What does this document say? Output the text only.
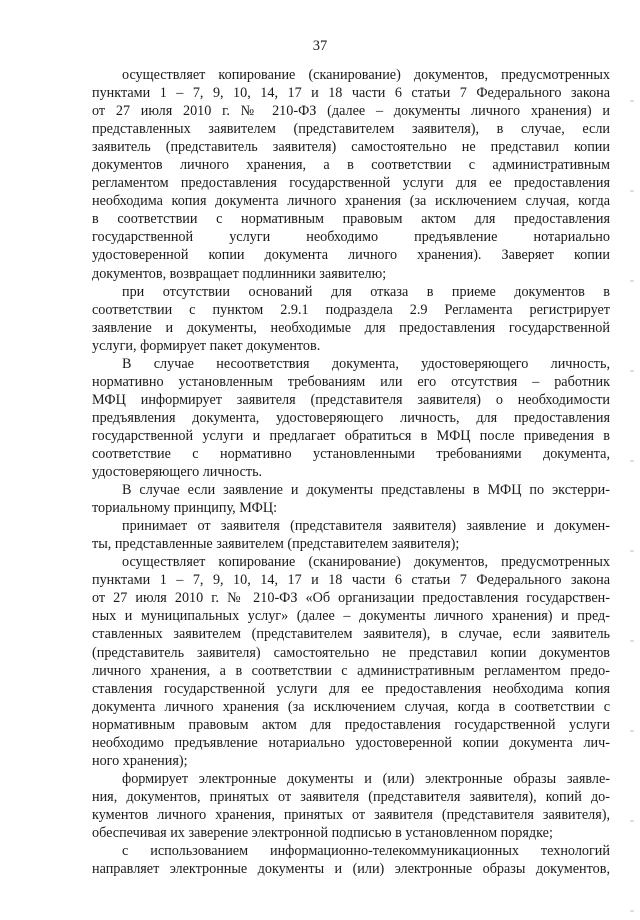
37
осуществляет копирование (сканирование) документов, предусмотренных
пунктами 1 – 7, 9, 10, 14, 17 и 18 части 6 статьи 7 Федерального закона
от 27 июля 2010 г. № 210-ФЗ (далее – документы личного хранения) и
представленных заявителем (представителем заявителя), в случае, если
заявитель (представитель заявителя) самостоятельно не представил копии
документов личного хранения, а в соответствии с административным
регламентом предоставления государственной услуги для ее предоставления
необходима копия документа личного хранения (за исключением случая, когда
в соответствии с нормативным правовым актом для предоставления
государственной услуги необходимо предъявление нотариально
удостоверенной копии документа личного хранения). Заверяет копии
документов, возвращает подлинники заявителю;
при отсутствии оснований для отказа в приеме документов в
соответствии с пунктом 2.9.1 подраздела 2.9 Регламента регистрирует
заявление и документы, необходимые для предоставления государственной
услуги, формирует пакет документов.
В случае несоответствия документа, удостоверяющего личность,
нормативно установленным требованиям или его отсутствия – работник
МФЦ информирует заявителя (представителя заявителя) о необходимости
предъявления документа, удостоверяющего личность, для предоставления
государственной услуги и предлагает обратиться в МФЦ после приведения в
соответствие с нормативно установленными требованиями документа,
удостоверяющего личность.
В случае если заявление и документы представлены в МФЦ по экстерри-
ториальному принципу, МФЦ:
принимает от заявителя (представителя заявителя) заявление и докумен-
ты, представленные заявителем (представителем заявителя);
осуществляет копирование (сканирование) документов, предусмотренных
пунктами 1 – 7, 9, 10, 14, 17 и 18 части 6 статьи 7 Федерального закона
от 27 июля 2010 г. № 210-ФЗ «Об организации предоставления государствен-
ных и муниципальных услуг» (далее – документы личного хранения) и пред-
ставленных заявителем (представителем заявителя), в случае, если заявитель
(представитель заявителя) самостоятельно не представил копии документов
личного хранения, а в соответствии с административным регламентом предо-
ставления государственной услуги для ее предоставления необходима копия
документа личного хранения (за исключением случая, когда в соответствии с
нормативным правовым актом для предоставления государственной услуги
необходимо предъявление нотариально удостоверенной копии документа лич-
ного хранения);
формирует электронные документы и (или) электронные образы заявле-
ния, документов, принятых от заявителя (представителя заявителя), копий до-
кументов личного хранения, принятых от заявителя (представителя заявителя),
обеспечивая их заверение электронной подписью в установленном порядке;
с использованием информационно-телекоммуникационных технологий
направляет электронные документы и (или) электронные образы документов,
